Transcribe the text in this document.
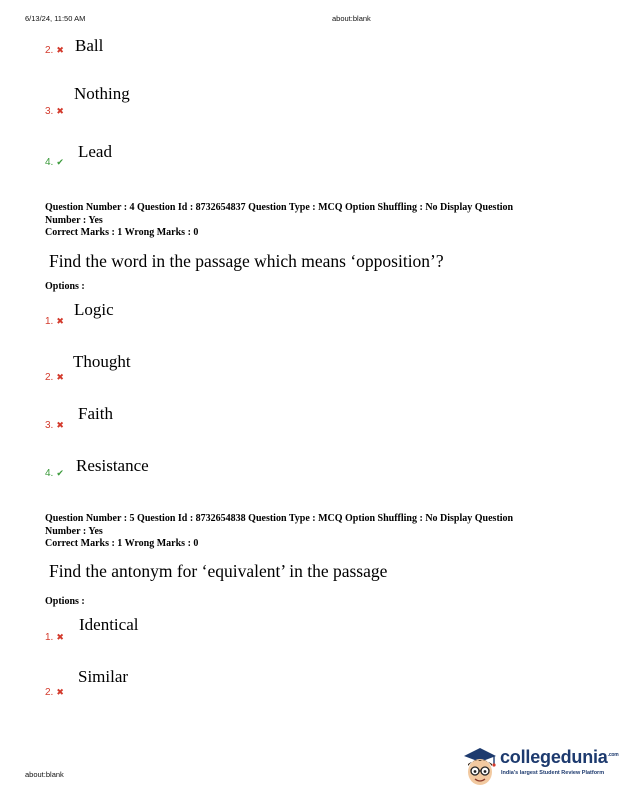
6/13/24, 11:50 AM	about:blank
2. ✖ Ball
3. ✖
Nothing
4. ✔
Lead
Question Number : 4 Question Id : 8732654837 Question Type : MCQ Option Shuffling : No Display Question
Number : Yes
Correct Marks : 1 Wrong Marks : 0
Find the word in the passage which means ‘opposition’?
Options :
1. ✖
Logic
2. ✖
Thought
3. ✖
Faith
4. ✔ Resistance
Question Number : 5 Question Id : 8732654838 Question Type : MCQ Option Shuffling : No Display Question
Number : Yes
Correct Marks : 1 Wrong Marks : 0
Find the antonym for ‘equivalent’ in the passage
Options :
1. ✖
Identical
2. ✖
Similar
about:blank
collegedunia$^{.com}$
India's largest Student Review Platform
